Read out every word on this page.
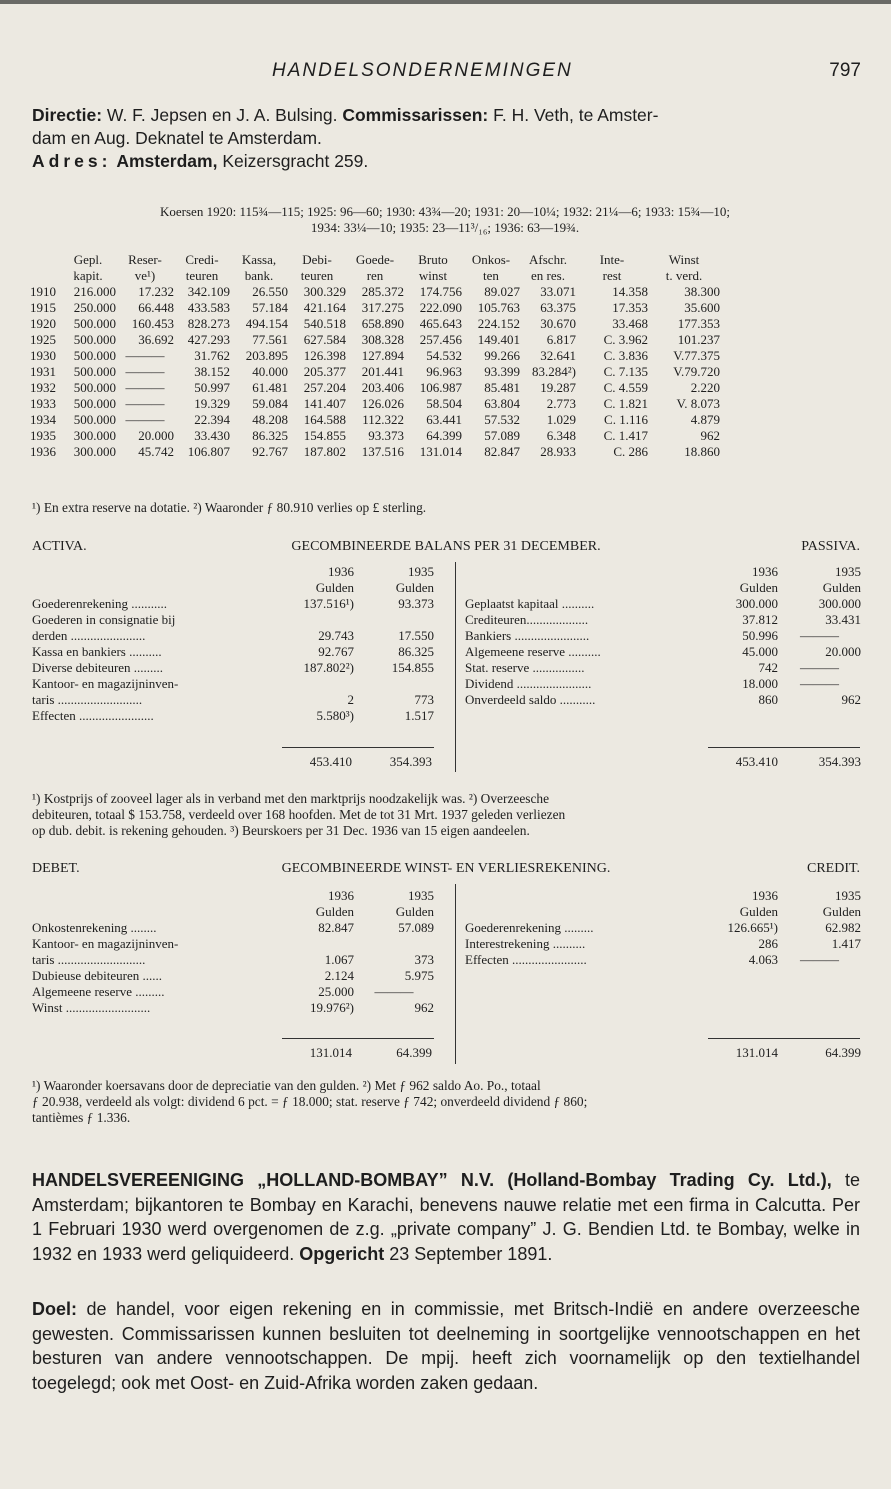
HANDELSONDERNEMINGEN	797
Directie: W. F. Jepsen en J. A. Bulsing. Commissarissen: F. H. Veth, te Amster-
dam en Aug. Deknatel te Amsterdam.
Adres: Amsterdam, Keizersgracht 259.
Koersen 1920: 115¾—115; 1925: 96—60; 1930: 43¾—20; 1931: 20—10¼; 1932: 21¼—6; 1933: 15¾—10;
1934: 33¼—10; 1935: 23—11³/₁₆; 1936: 63—19¾.
	Gepl.	Reser-	Credi-	Kassa,	Debi-	Goede-	Bruto	Onkos-	Afschr.	Inte-	Winst
	kapit.	ve¹)	teuren	bank.	teuren	ren	winst	ten	en res.	rest	t. verd.
1910	216.000	17.232	342.109	26.550	300.329	285.372	174.756	89.027	33.071	14.358	38.300
1915	250.000	66.448	433.583	57.184	421.164	317.275	222.090	105.763	63.375	17.353	35.600
1920	500.000	160.453	828.273	494.154	540.518	658.890	465.643	224.152	30.670	33.468	177.353
1925	500.000	36.692	427.293	77.561	627.584	308.328	257.456	149.401	6.817	C. 3.962	101.237
1930	500.000	———	31.762	203.895	126.398	127.894	54.532	99.266	32.641	C. 3.836	V.77.375
1931	500.000	———	38.152	40.000	205.377	201.441	96.963	93.399	83.284²)	C. 7.135	V.79.720
1932	500.000	———	50.997	61.481	257.204	203.406	106.987	85.481	19.287	C. 4.559	2.220
1933	500.000	———	19.329	59.084	141.407	126.026	58.504	63.804	2.773	C. 1.821	V. 8.073
1934	500.000	———	22.394	48.208	164.588	112.322	63.441	57.532	1.029	C. 1.116	4.879
1935	300.000	20.000	33.430	86.325	154.855	93.373	64.399	57.089	6.348	C. 1.417	962
1936	300.000	45.742	106.807	92.767	187.802	137.516	131.014	82.847	28.933	C. 286	18.860
¹) En extra reserve na dotatie. ²) Waaronder ƒ 80.910 verlies op £ sterling.
ACTIVA.	GECOMBINEERDE BALANS PER 31 DECEMBER.	PASSIVA.
	1936	1935
	Gulden	Gulden
Goederenrekening ...........	137.516¹)	93.373
Goederen in consignatie bij		
derden .......................	29.743	17.550
Kassa en bankiers ..........	92.767	86.325
Diverse debiteuren .........	187.802²)	154.855
Kantoor- en magazijninven-		
taris ..........................	2	773
Effecten .......................	5.580³)	1.517
	1936	1935
	Gulden	Gulden
Geplaatst kapitaal ..........	300.000	300.000
Crediteuren...................	37.812	33.431
Bankiers .......................	50.996	———
Algemeene reserve ..........	45.000	20.000
Stat. reserve ................	742	———
Dividend .......................	18.000	———
Onverdeeld saldo ...........	860	962
453.410	354.393	453.410	354.393
¹) Kostprijs of zooveel lager als in verband met den marktprijs noodzakelijk was. ²) Overzeesche
debiteuren, totaal $ 153.758, verdeeld over 168 hoofden. Met de tot 31 Mrt. 1937 geleden verliezen
op dub. debit. is rekening gehouden. ³) Beurskoers per 31 Dec. 1936 van 15 eigen aandeelen.
DEBET.	GECOMBINEERDE WINST- EN VERLIESREKENING.	CREDIT.
	1936	1935
	Gulden	Gulden
Onkostenrekening ........	82.847	57.089
Kantoor- en magazijninven-		
taris ...........................	1.067	373
Dubieuse debiteuren ......	2.124	5.975
Algemeene reserve .........	25.000	———
Winst ..........................	19.976²)	962
	1936	1935
	Gulden	Gulden
Goederenrekening .........	126.665¹)	62.982
Interestrekening ..........	286	1.417
Effecten .......................	4.063	———
131.014	64.399	131.014	64.399
¹) Waaronder koersavans door de depreciatie van den gulden. ²) Met ƒ 962 saldo Ao. Po., totaal
ƒ 20.938, verdeeld als volgt: dividend 6 pct. = ƒ 18.000; stat. reserve ƒ 742; onverdeeld dividend ƒ 860;
tantièmes ƒ 1.336.
HANDELSVEREENIGING „HOLLAND-BOMBAY” N.V. (Holland-Bombay Trading Cy. Ltd.), te Amsterdam; bijkantoren te Bombay en Karachi, benevens nauwe relatie met een firma in Calcutta. Per 1 Februari 1930 werd overgenomen de z.g. „private company” J. G. Bendien Ltd. te Bombay, welke in 1932 en 1933 werd geliquideerd. Opgericht 23 September 1891.
Doel: de handel, voor eigen rekening en in commissie, met Britsch-Indië en andere overzeesche gewesten. Commissarissen kunnen besluiten tot deelneming in soortgelijke vennootschappen en het besturen van andere vennootschappen. De mpij. heeft zich voornamelijk op den textielhandel toegelegd; ook met Oost- en Zuid-Afrika worden zaken gedaan.
